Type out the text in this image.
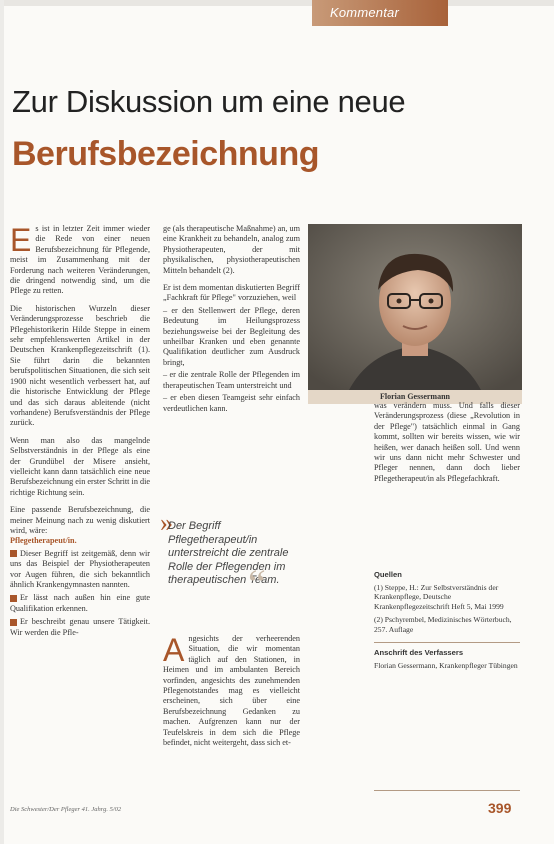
Kommentar
Zur Diskussion um eine neue
Berufsbezeichnung

Es ist in letzter Zeit immer wieder die Rede von einer neuen Berufsbezeichnung für Pflegende, meist im Zusammenhang mit der Forderung nach weiteren Veränderungen, die dringend notwendig sind, um die Pflege zu retten.

Die historischen Wurzeln dieser Veränderungsprozesse beschrieb die Pflegehistorikerin Hilde Steppe in einem sehr empfehlenswerten Artikel in der Deutschen Krankenpflegezeitschrift (1). Sie führt darin die bekannten berufspolitischen Situationen, die sich seit 1900 nicht wesentlich verbessert hat, auf die historische Entwicklung der Pflege und das sich daraus ableitende (nicht vorhandene) Berufsverständnis der Pflege zurück.

Wenn man also das mangelnde Selbstverständnis in der Pflege als eine der Grundübel der Misere ansieht, vielleicht kann dann tatsächlich eine neue Berufsbezeichnung ein erster Schritt in die richtige Richtung sein.

Eine passende Berufsbezeichnung, die meiner Meinung nach zu wenig diskutiert wird, wäre:
Pflegetherapeut/in.

Dieser Begriff ist zeitgemäß, denn wir uns das Beispiel der Physiotherapeuten vor Augen führen, die sich bekanntlich ähnlich Krankengymnasten nannten.

Er lässt nach außen hin eine gute Qualifikation erkennen.

Er beschreibt genau unsere Tätigkeit. Wir werden die Pfle-

ge (als therapeutische Maßnahme) an, um eine Krankheit zu behandeln, analog zum Physiotherapeuten, der mit physikalischen, physiotherapeutischen Mitteln behandelt (2).

Er ist dem momentan diskutierten Begriff „Fachkraft für Pflege" vorzuziehen, weil

– er den Stellenwert der Pflege, deren Bedeutung im Heilungsprozess beziehungsweise bei der Begleitung des unheilbar Kranken und eben genannte Qualifikation deutlicher zum Ausdruck bringt,

– er die zentrale Rolle der Pflegenden im therapeutischen Team unterstreicht und

– er eben diesen Teamgeist sehr einfach verdeutlichen kann.

»
Der Begriff Pflegetherapeut/in unterstreicht die zentrale Rolle der Pflegenden im therapeutischen Team.
“
Angesichts der verheerenden Situation, die wir momentan täglich auf den Stationen, in Heimen und im ambulanten Bereich vorfinden, angesichts des zunehmenden Pflegenotstandes mag es vielleicht erscheinen, sich über eine Berufsbezeichnung Gedanken zu machen. Aufgrenzen kann nur der Teufelskreis in dem sich die Pflege befindet, nicht weitergeht, dass sich et-
Florian Gessermann

was verändern muss. Und falls dieser Veränderungsprozess (diese „Revolution in der Pflege") tatsächlich einmal in Gang kommt, sollten wir bereits wissen, wie wir heißen, wer danach heißen soll. Und wenn wir uns dann nicht mehr Schwester und Pfleger nennen, dann doch lieber Pflegetherapeut/in als Pflegefachkraft.

Quellen

(1) Steppe, H.: Zur Selbstverständnis der Krankenpflege, Deutsche Krankenpflegezeitschrift Heft 5, Mai 1999

(2) Pschyrembel, Medizinisches Wörterbuch, 257. Auflage

Anschrift des Verfassers
Florian Gessermann, Krankenpfleger Tübingen
Die Schwester/Der Pfleger 41. Jahrg. 5/02	399
